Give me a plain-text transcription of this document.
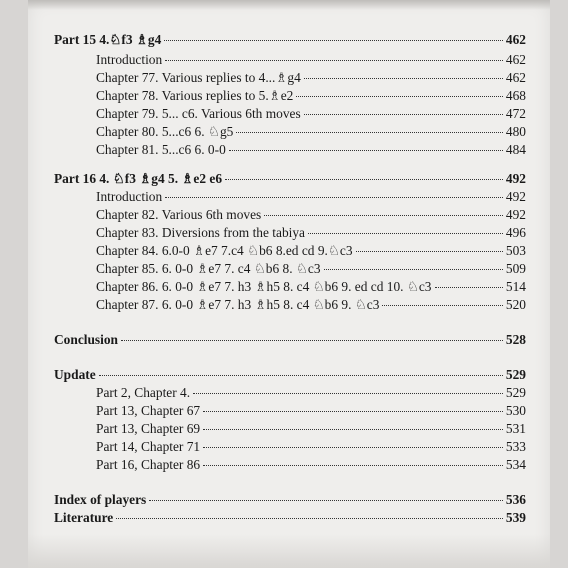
Part 15 4.♘f3 ♗g4	462
Introduction	462
Chapter 77. Various replies to 4...♗g4	462
Chapter 78. Various replies to 5.♗e2	468
Chapter 79. 5... c6. Various 6th moves	472
Chapter 80. 5...c6 6. ♘g5	480
Chapter 81. 5...c6 6. 0-0	484
Part 16 4. ♘f3 ♗g4 5. ♗e2 e6	492
Introduction	492
Chapter 82. Various 6th moves	492
Chapter 83. Diversions from the tabiya	496
Chapter 84. 6.0-0 ♗e7 7.c4 ♘b6 8.ed cd 9.♘c3	503
Chapter 85. 6. 0-0 ♗e7 7. c4 ♘b6 8. ♘c3	509
Chapter 86. 6. 0-0 ♗e7 7. h3 ♗h5 8. c4 ♘b6 9. ed cd 10. ♘c3	514
Chapter 87. 6. 0-0 ♗e7 7. h3 ♗h5 8. c4 ♘b6 9. ♘c3	520
Conclusion	528
Update	529
Part 2, Chapter 4.	529
Part 13, Chapter 67	530
Part 13, Chapter 69	531
Part 14, Chapter 71	533
Part 16, Chapter 86	534
Index of players	536
Literature	539
